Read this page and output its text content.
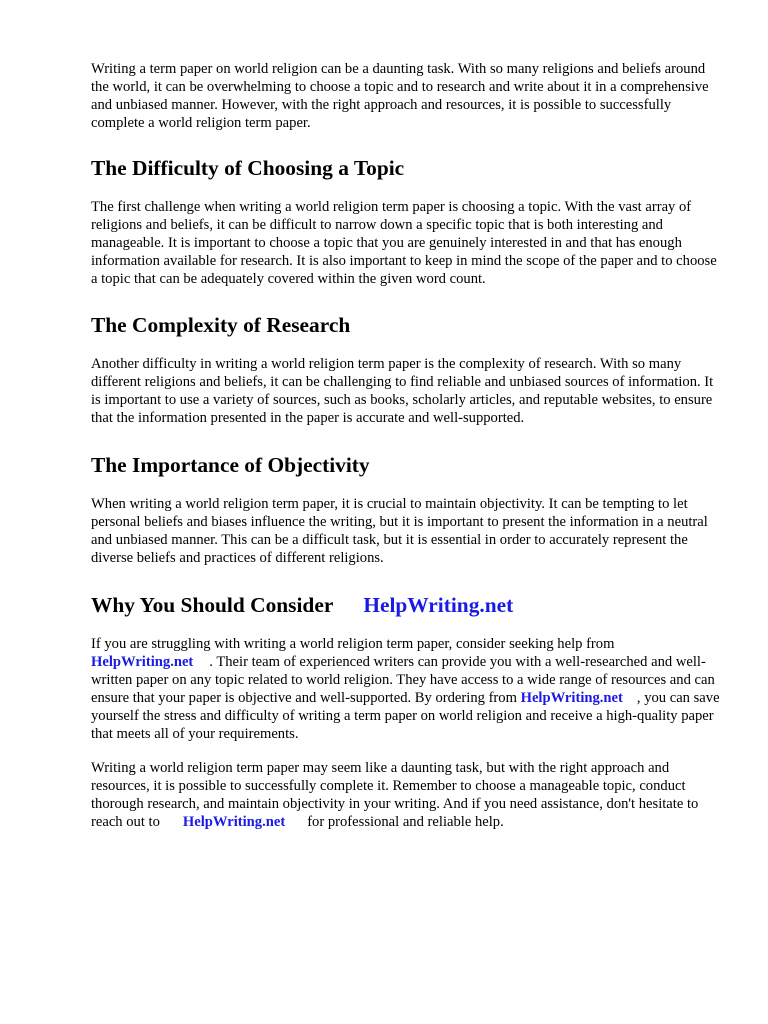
Writing a term paper on world religion can be a daunting task. With so many religions and beliefs around the world, it can be overwhelming to choose a topic and to research and write about it in a comprehensive and unbiased manner. However, with the right approach and resources, it is possible to successfully complete a world religion term paper.

The Difficulty of Choosing a Topic

The first challenge when writing a world religion term paper is choosing a topic. With the vast array of religions and beliefs, it can be difficult to narrow down a specific topic that is both interesting and manageable. It is important to choose a topic that you are genuinely interested in and that has enough information available for research. It is also important to keep in mind the scope of the paper and to choose a topic that can be adequately covered within the given word count.

The Complexity of Research

Another difficulty in writing a world religion term paper is the complexity of research. With so many different religions and beliefs, it can be challenging to find reliable and unbiased sources of information. It is important to use a variety of sources, such as books, scholarly articles, and reputable websites, to ensure that the information presented in the paper is accurate and well-supported.

The Importance of Objectivity

When writing a world religion term paper, it is crucial to maintain objectivity. It can be tempting to let personal beliefs and biases influence the writing, but it is important to present the information in a neutral and unbiased manner. This can be a difficult task, but it is essential in order to accurately represent the diverse beliefs and practices of different religions.

Why You Should Consider HelpWriting.net

If you are struggling with writing a world religion term paper, consider seeking help from HelpWriting.net . Their team of experienced writers can provide you with a well-researched and well-written paper on any topic related to world religion. They have access to a wide range of resources and can ensure that your paper is objective and well-supported. By ordering from HelpWriting.net , you can save yourself the stress and difficulty of writing a term paper on world religion and receive a high-quality paper that meets all of your requirements.

Writing a world religion term paper may seem like a daunting task, but with the right approach and resources, it is possible to successfully complete it. Remember to choose a manageable topic, conduct thorough research, and maintain objectivity in your writing. And if you need assistance, don't hesitate to reach out to HelpWriting.net for professional and reliable help.
